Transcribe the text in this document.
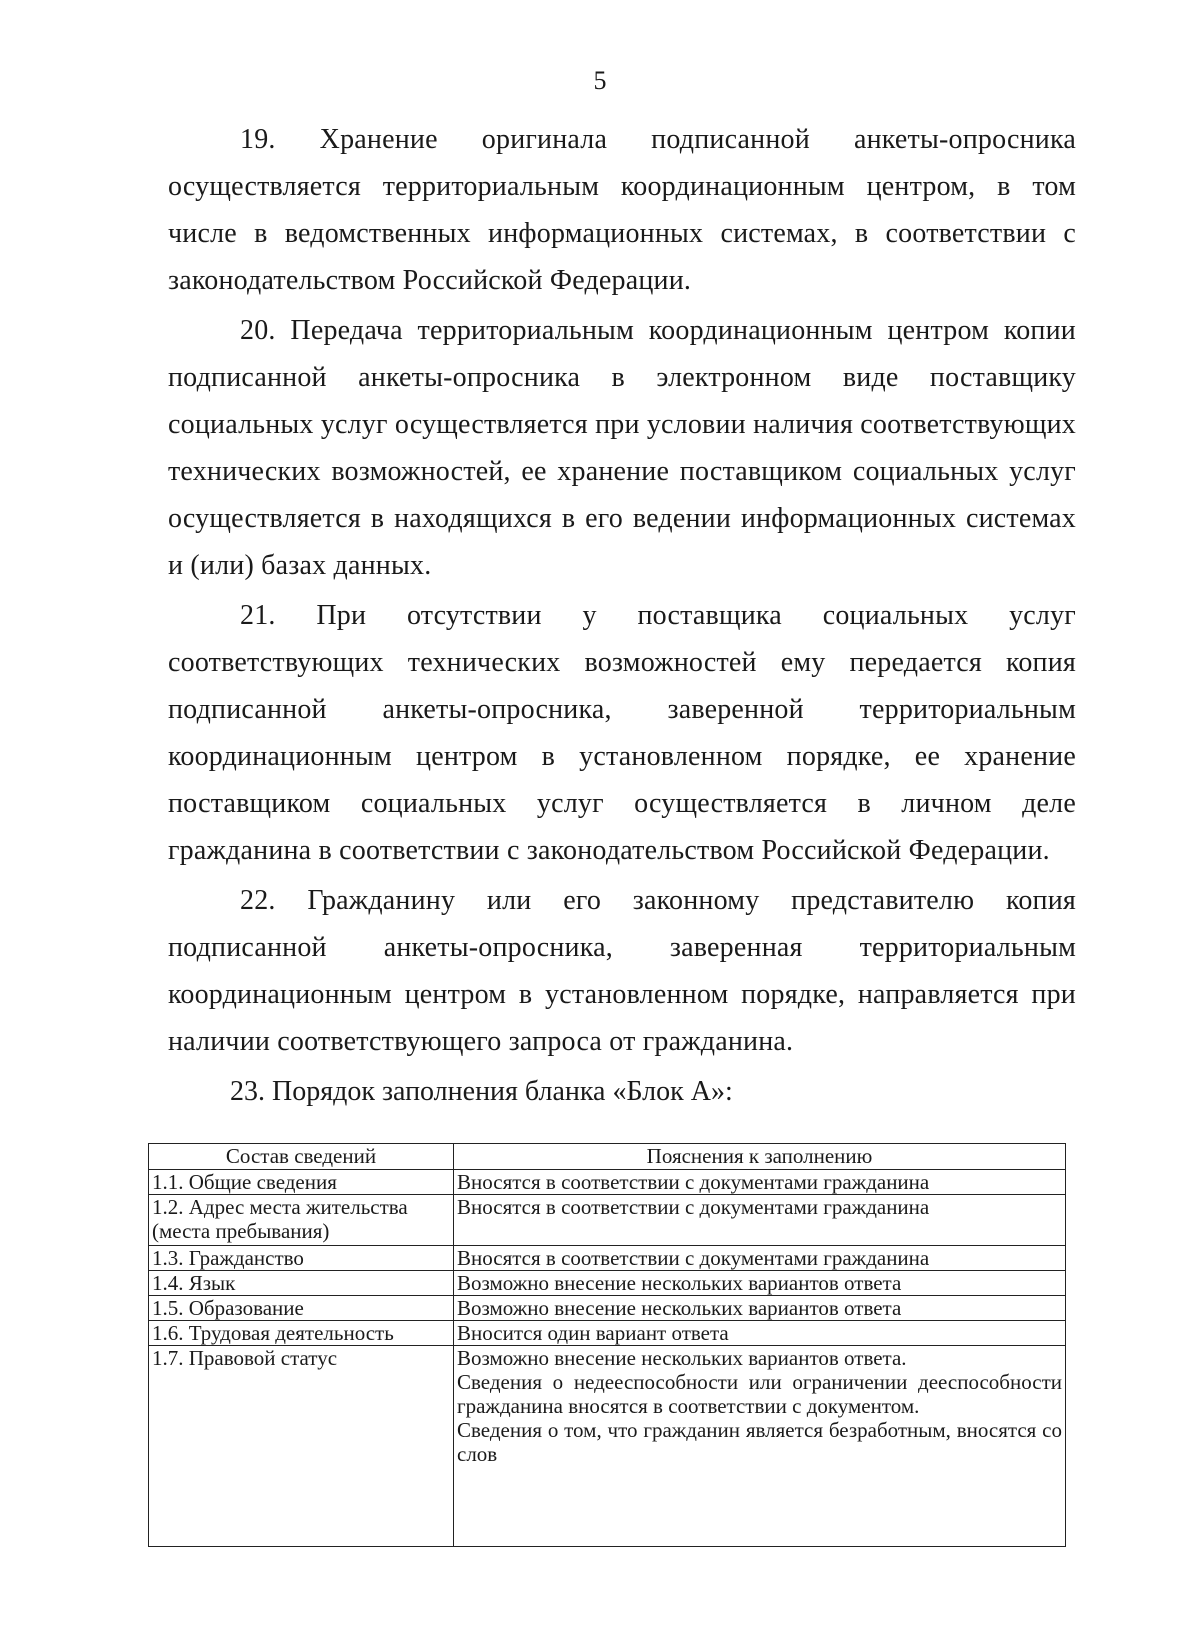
5

19. Хранение оригинала подписанной анкеты-опросника осуществляется территориальным координационным центром, в том числе в ведомственных информационных системах, в соответствии с законодательством Российской Федерации.

20. Передача территориальным координационным центром копии подписанной анкеты-опросника в электронном виде поставщику социальных услуг осуществляется при условии наличия соответствующих технических возможностей, ее хранение поставщиком социальных услуг осуществляется в находящихся в его ведении информационных системах и (или) базах данных.

21. При отсутствии у поставщика социальных услуг соответствующих технических возможностей ему передается копия подписанной анкеты-опросника, заверенной территориальным координационным центром в установленном порядке, ее хранение поставщиком социальных услуг осуществляется в личном деле гражданина в соответствии с законодательством Российской Федерации.

22. Гражданину или его законному представителю копия подписанной анкеты-опросника, заверенная территориальным координационным центром в установленном порядке, направляется при наличии соответствующего запроса от гражданина.

23. Порядок заполнения бланка «Блок А»:

Состав сведений	Пояснения к заполнению
1.1. Общие сведения	Вносятся в соответствии с документами гражданина

1.2. Адрес места жительства (места пребывания)	Вносятся в соответствии с документами гражданина

1.3. Гражданство	Вносятся в соответствии с документами гражданина

1.4. Язык	Возможно внесение нескольких вариантов ответа

1.5. Образование	Возможно внесение нескольких вариантов ответа

1.6. Трудовая деятельность	Вносится один вариант ответа

1.7. Правовой статус	Возможно внесение нескольких вариантов ответа.

Сведения о недееспособности или ограничении дееспособности гражданина вносятся в соответствии с документом.

Сведения о том, что гражданин является безработным, вносятся со слов
